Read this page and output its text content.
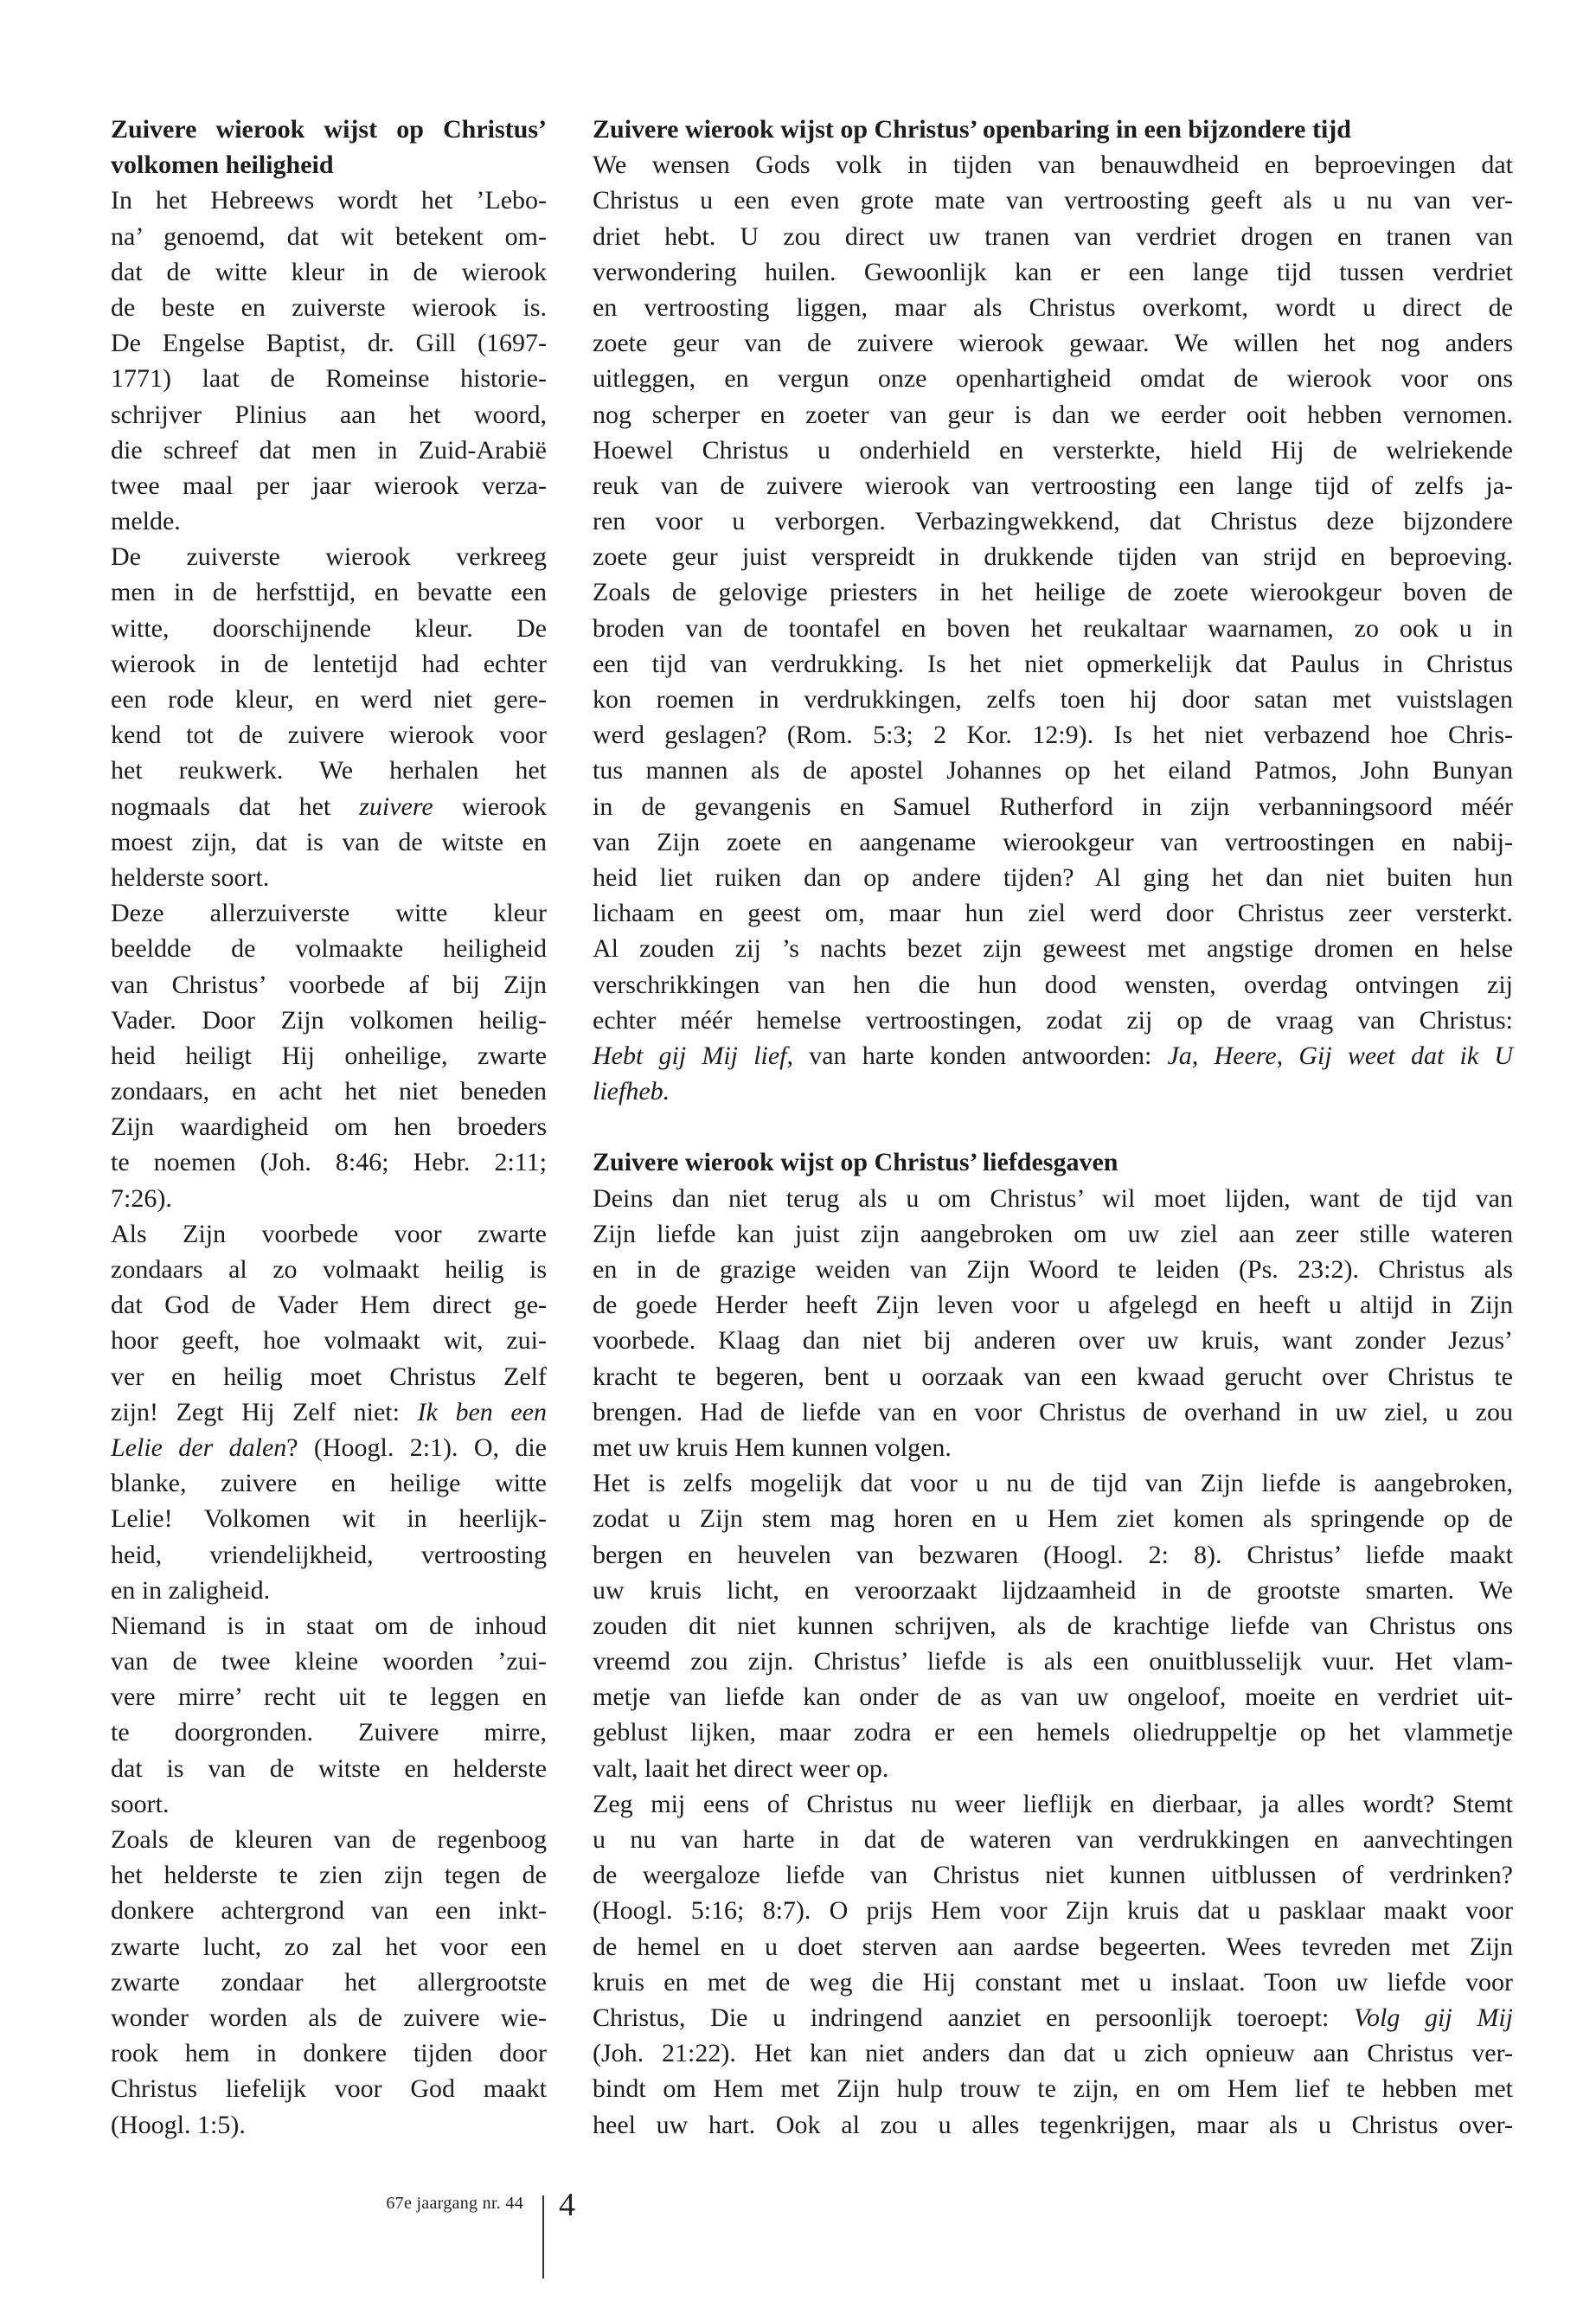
Zuivere wierook wijst op Christus’
volkomen heiligheid
In het Hebreews wordt het ’Lebo-
na’ genoemd, dat wit betekent om-
dat de witte kleur in de wierook
de beste en zuiverste wierook is.
De Engelse Baptist, dr. Gill (1697-
1771) laat de Romeinse historie-
schrijver Plinius aan het woord,
die schreef dat men in Zuid-Arabië
twee maal per jaar wierook verza-
melde.
De zuiverste wierook verkreeg
men in de herfsttijd, en bevatte een
witte, doorschijnende kleur. De
wierook in de lentetijd had echter
een rode kleur, en werd niet gere-
kend tot de zuivere wierook voor
het reukwerk. We herhalen het
nogmaals dat het zuivere wierook
moest zijn, dat is van de witste en
helderste soort.
Deze allerzuiverste witte kleur
beeldde de volmaakte heiligheid
van Christus’ voorbede af bij Zijn
Vader. Door Zijn volkomen heilig-
heid heiligt Hij onheilige, zwarte
zondaars, en acht het niet beneden
Zijn waardigheid om hen broeders
te noemen (Joh. 8:46; Hebr. 2:11;
7:26).
Als Zijn voorbede voor zwarte
zondaars al zo volmaakt heilig is
dat God de Vader Hem direct ge-
hoor geeft, hoe volmaakt wit, zui-
ver en heilig moet Christus Zelf
zijn! Zegt Hij Zelf niet: Ik ben een
Lelie der dalen? (Hoogl. 2:1). O, die
blanke, zuivere en heilige witte
Lelie! Volkomen wit in heerlijk-
heid, vriendelijkheid, vertroosting
en in zaligheid.
Niemand is in staat om de inhoud
van de twee kleine woorden ’zui-
vere mirre’ recht uit te leggen en
te doorgronden. Zuivere mirre,
dat is van de witste en helderste
soort.
Zoals de kleuren van de regenboog
het helderste te zien zijn tegen de
donkere achtergrond van een inkt-
zwarte lucht, zo zal het voor een
zwarte zondaar het allergrootste
wonder worden als de zuivere wie-
rook hem in donkere tijden door
Christus liefelijk voor God maakt
(Hoogl. 1:5).
Zuivere wierook wijst op Christus’ openbaring in een bijzondere tijd
We wensen Gods volk in tijden van benauwdheid en beproevingen dat
Christus u een even grote mate van vertroosting geeft als u nu van ver-
driet hebt. U zou direct uw tranen van verdriet drogen en tranen van
verwondering huilen. Gewoonlijk kan er een lange tijd tussen verdriet
en vertroosting liggen, maar als Christus overkomt, wordt u direct de
zoete geur van de zuivere wierook gewaar. We willen het nog anders
uitleggen, en vergun onze openhartigheid omdat de wierook voor ons
nog scherper en zoeter van geur is dan we eerder ooit hebben vernomen.
Hoewel Christus u onderhield en versterkte, hield Hij de welriekende
reuk van de zuivere wierook van vertroosting een lange tijd of zelfs ja-
ren voor u verborgen. Verbazingwekkend, dat Christus deze bijzondere
zoete geur juist verspreidt in drukkende tijden van strijd en beproeving.
Zoals de gelovige priesters in het heilige de zoete wierookgeur boven de
broden van de toontafel en boven het reukaltaar waarnamen, zo ook u in
een tijd van verdrukking. Is het niet opmerkelijk dat Paulus in Christus
kon roemen in verdrukkingen, zelfs toen hij door satan met vuistslagen
werd geslagen? (Rom. 5:3; 2 Kor. 12:9). Is het niet verbazend hoe Chris-
tus mannen als de apostel Johannes op het eiland Patmos, John Bunyan
in de gevangenis en Samuel Rutherford in zijn verbanningsoord méér
van Zijn zoete en aangename wierookgeur van vertroostingen en nabij-
heid liet ruiken dan op andere tijden? Al ging het dan niet buiten hun
lichaam en geest om, maar hun ziel werd door Christus zeer versterkt.
Al zouden zij ’s nachts bezet zijn geweest met angstige dromen en helse
verschrikkingen van hen die hun dood wensten, overdag ontvingen zij
echter méér hemelse vertroostingen, zodat zij op de vraag van Christus:
Hebt gij Mij lief, van harte konden antwoorden: Ja, Heere, Gij weet dat ik U
liefheb.
Zuivere wierook wijst op Christus’ liefdesgaven
Deins dan niet terug als u om Christus’ wil moet lijden, want de tijd van
Zijn liefde kan juist zijn aangebroken om uw ziel aan zeer stille wateren
en in de grazige weiden van Zijn Woord te leiden (Ps. 23:2). Christus als
de goede Herder heeft Zijn leven voor u afgelegd en heeft u altijd in Zijn
voorbede. Klaag dan niet bij anderen over uw kruis, want zonder Jezus’
kracht te begeren, bent u oorzaak van een kwaad gerucht over Christus te
brengen. Had de liefde van en voor Christus de overhand in uw ziel, u zou
met uw kruis Hem kunnen volgen.
Het is zelfs mogelijk dat voor u nu de tijd van Zijn liefde is aangebroken,
zodat u Zijn stem mag horen en u Hem ziet komen als springende op de
bergen en heuvelen van bezwaren (Hoogl. 2: 8). Christus’ liefde maakt
uw kruis licht, en veroorzaakt lijdzaamheid in de grootste smarten. We
zouden dit niet kunnen schrijven, als de krachtige liefde van Christus ons
vreemd zou zijn. Christus’ liefde is als een onuitblusselijk vuur. Het vlam-
metje van liefde kan onder de as van uw ongeloof, moeite en verdriet uit-
geblust lijken, maar zodra er een hemels oliedruppeltje op het vlammetje
valt, laait het direct weer op.
Zeg mij eens of Christus nu weer lieflijk en dierbaar, ja alles wordt? Stemt
u nu van harte in dat de wateren van verdrukkingen en aanvechtingen
de weergaloze liefde van Christus niet kunnen uitblussen of verdrinken?
(Hoogl. 5:16; 8:7). O prijs Hem voor Zijn kruis dat u pasklaar maakt voor
de hemel en u doet sterven aan aardse begeerten. Wees tevreden met Zijn
kruis en met de weg die Hij constant met u inslaat. Toon uw liefde voor
Christus, Die u indringend aanziet en persoonlijk toeroept: Volg gij Mij
(Joh. 21:22). Het kan niet anders dan dat u zich opnieuw aan Christus ver-
bindt om Hem met Zijn hulp trouw te zijn, en om Hem lief te hebben met
heel uw hart. Ook al zou u alles tegenkrijgen, maar als u Christus over-
67e jaargang nr. 44 4
